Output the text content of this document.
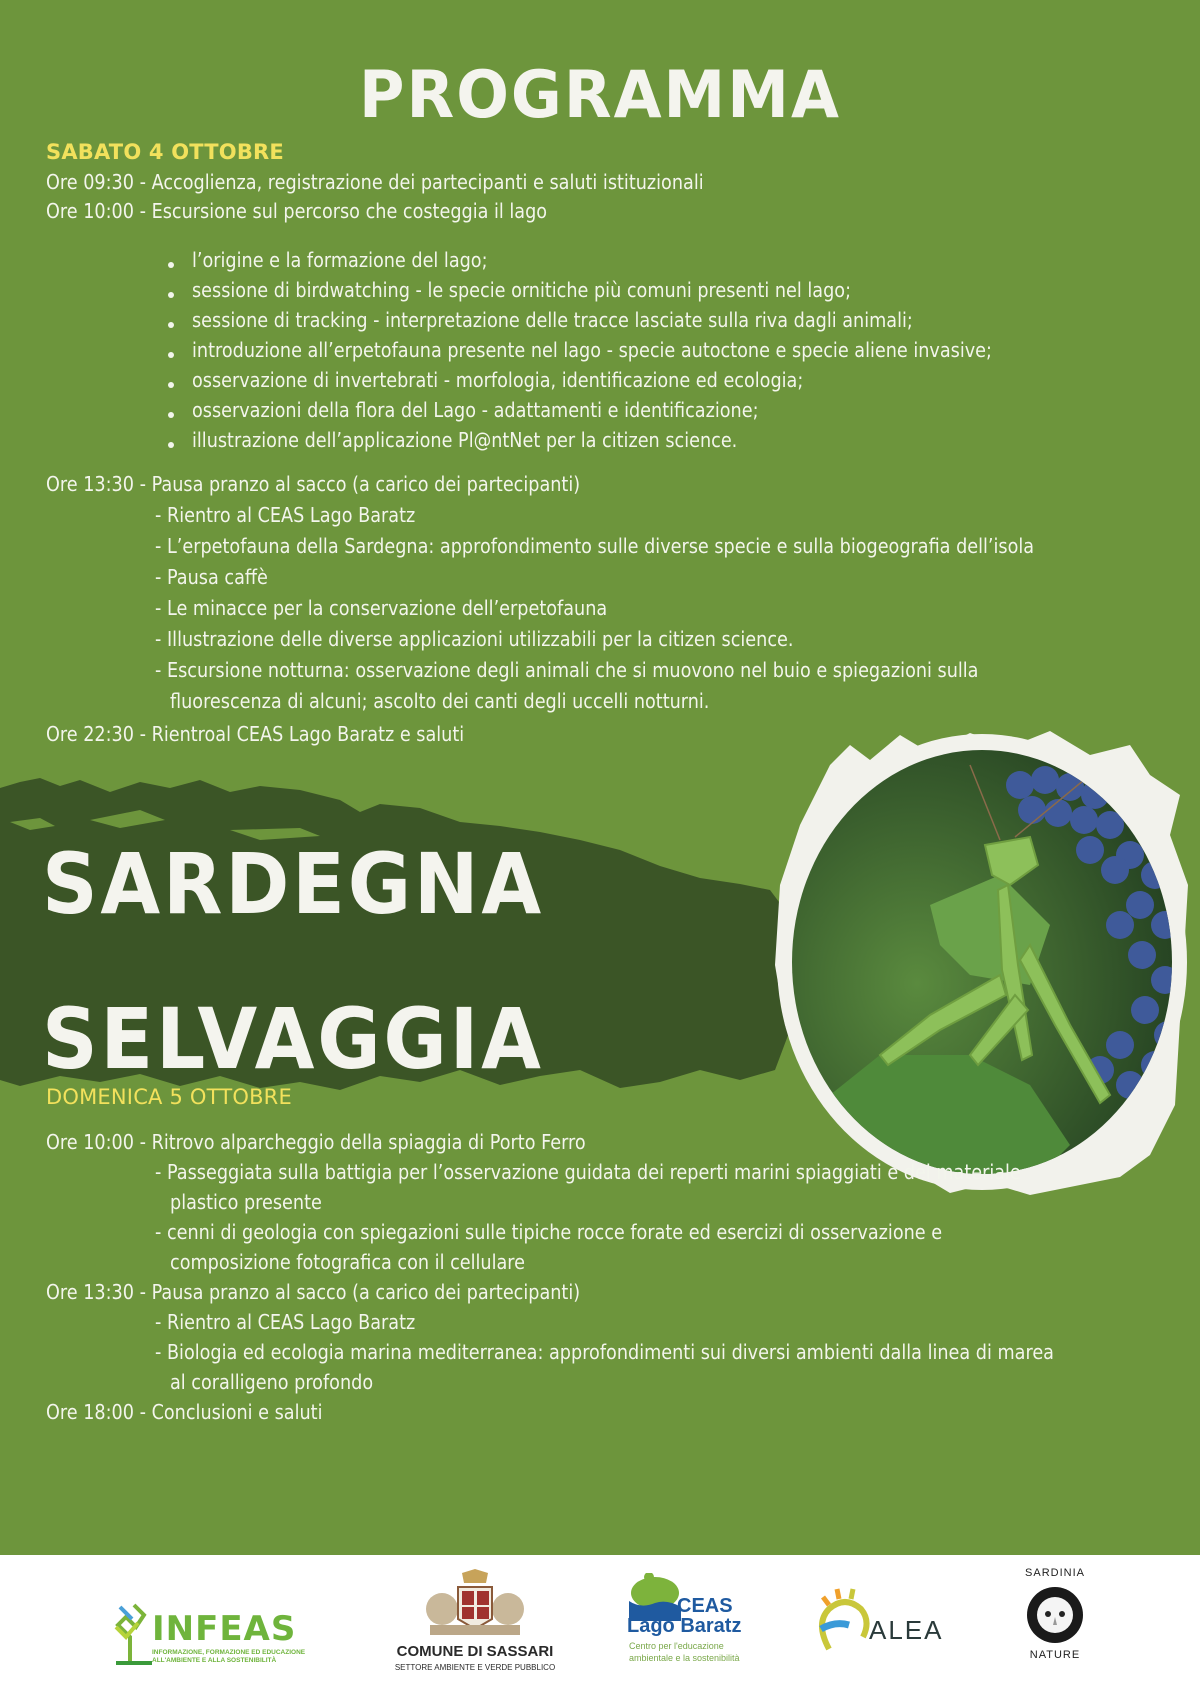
PROGRAMMA
SABATO 4 OTTOBRE
Ore 09:30 - Accoglienza, registrazione dei partecipanti e saluti istituzionali
Ore 10:00 - Escursione sul percorso che costeggia il lago
l’origine e la formazione del lago;
sessione di birdwatching - le specie ornitiche più comuni presenti nel lago;
sessione di tracking - interpretazione delle tracce lasciate sulla riva dagli animali;
introduzione all’erpetofauna presente nel lago - specie autoctone e specie aliene invasive;
osservazione di invertebrati - morfologia, identificazione ed ecologia;
osservazioni della flora del Lago - adattamenti e identificazione;
illustrazione dell’applicazione Pl@ntNet per la citizen science.
Ore 13:30 - Pausa pranzo al sacco (a carico dei partecipanti)
- Rientro al CEAS Lago Baratz
- L’erpetofauna della Sardegna: approfondimento sulle diverse specie e sulla biogeografia dell’isola
- Pausa caffè
- Le minacce per la conservazione dell’erpetofauna
- Illustrazione delle diverse applicazioni utilizzabili per la citizen science.
- Escursione notturna: osservazione degli animali che si muovono nel buio e spiegazioni sulla
fluorescenza di alcuni; ascolto dei canti degli uccelli notturni.
Ore 22:30 - Rientroal CEAS Lago Baratz e saluti
SARDEGNA
SELVAGGIA
DOMENICA 5 OTTOBRE
Ore 10:00 - Ritrovo alparcheggio della spiaggia di Porto Ferro
- Passeggiata sulla battigia per l’osservazione guidata dei reperti marini spiaggiati e del materiale
plastico presente
- cenni di geologia con spiegazioni sulle tipiche rocce forate ed esercizi di osservazione e
composizione fotografica con il cellulare
Ore 13:30 - Pausa pranzo al sacco (a carico dei partecipanti)
- Rientro al CEAS Lago Baratz
- Biologia ed ecologia marina mediterranea: approfondimenti sui diversi ambienti dalla linea di marea
al coralligeno profondo
Ore 18:00 - Conclusioni e saluti
INFEAS
INFORMAZIONE, FORMAZIONE ED EDUCAZIONE
ALL'AMBIENTE E ALLA SOSTENIBILITÀ
COMUNE DI SASSARI
SETTORE AMBIENTE E VERDE PUBBLICO
CEAS
Lago Baratz
Centro per l'educazione
ambientale e la sostenibilità
ALEA
SARDINIA
NATURE
